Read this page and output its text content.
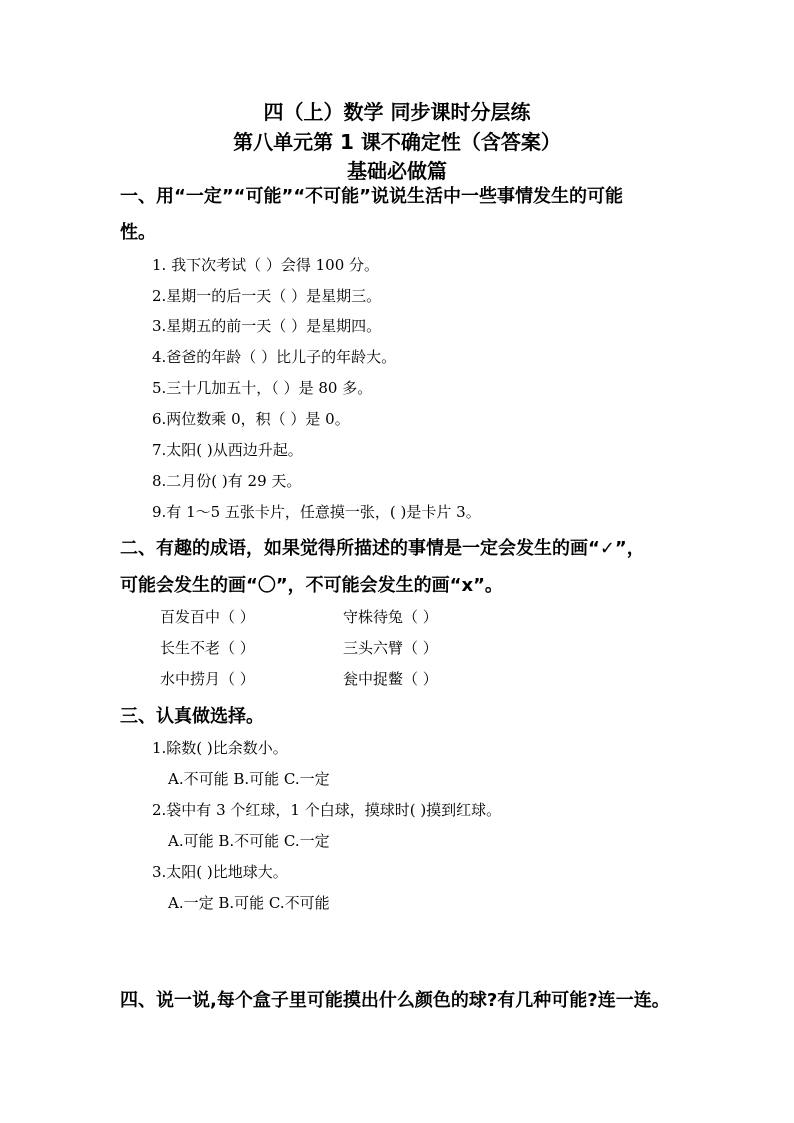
四（上）数学 同步课时分层练
第八单元第 1 课不确定性（含答案）
基础必做篇
一、用“一定”“可能”“不可能”说说生活中一些事情发生的可能
性。
1. 我下次考试（ ）会得 100 分。
2.星期一的后一天（ ）是星期三。
3.星期五的前一天（ ）是星期四。
4.爸爸的年龄（ ）比儿子的年龄大。
5.三十几加五十，（ ）是 80 多。
6.两位数乘 0，积（ ）是 0。
7.太阳( )从西边升起。
8.二月份( )有 29 天。
9.有 1～5 五张卡片，任意摸一张，( )是卡片 3。
二、有趣的成语，如果觉得所描述的事情是一定会发生的画“✓”，
可能会发生的画“〇”，不可能会发生的画“x”。
百发百中（ ）	守株待兔（ ）
长生不老（ ）	三头六臂（ ）
水中捞月（ ）	瓮中捉鳖（ ）
三、认真做选择。
1.除数( )比余数小。
A.不可能 B.可能 C.一定
2.袋中有 3 个红球，1 个白球，摸球时( )摸到红球。
A.可能 B.不可能 C.一定
3.太阳( )比地球大。
A.一定 B.可能 C.不可能
四、说一说,每个盒子里可能摸出什么颜色的球?有几种可能?连一连。
